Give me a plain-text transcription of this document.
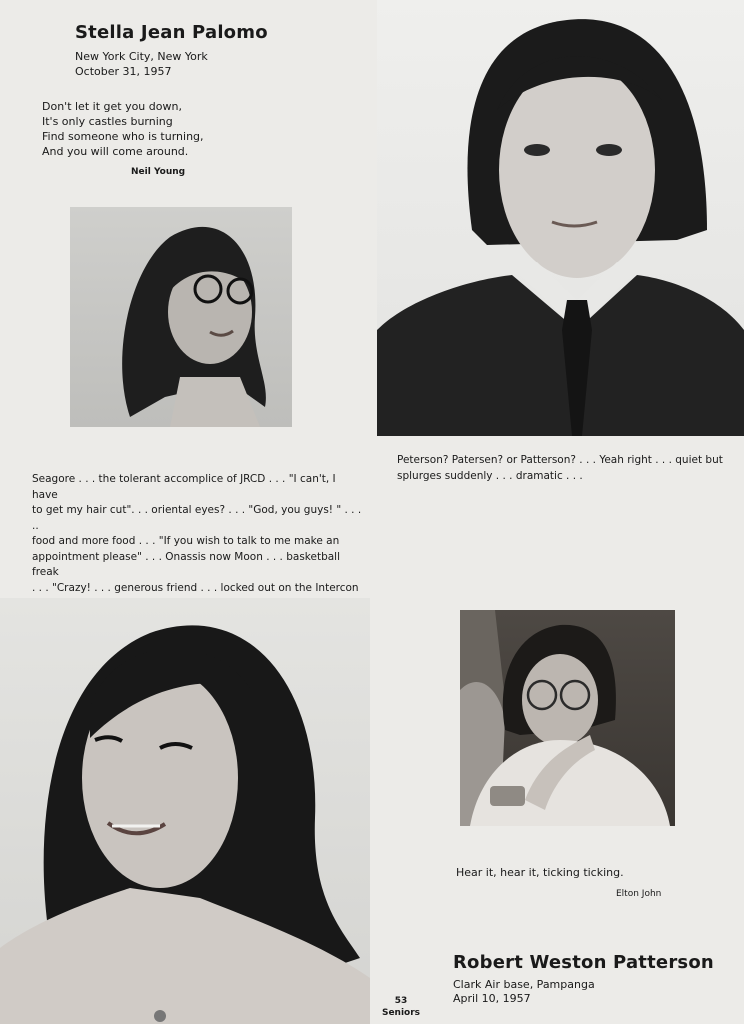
Stella Jean Palomo
New York City, New York
October 31, 1957
Don't let it get you down,
It's only castles burning
Find someone who is turning,
And you will come around.
Neil Young
Seagore . . . the tolerant accomplice of JRCD . . . "I can't, I have
to get my hair cut". . . oriental eyes? . . . "God, you guys! " . . . ..
food and more food . . . "If you wish to talk to me make an
appointment please" . . . Onassis now Moon . . . basketball freak
. . . "Crazy! . . . generous friend . . . locked out on the Intercon
Peterson? Patersen? or Patterson? . . . Yeah right . . . quiet but
splurges suddenly . . . dramatic . . .
Hear it, hear it, ticking ticking.
Elton John
Robert Weston Patterson
Clark Air base, Pampanga
April 10, 1957
53
Seniors
